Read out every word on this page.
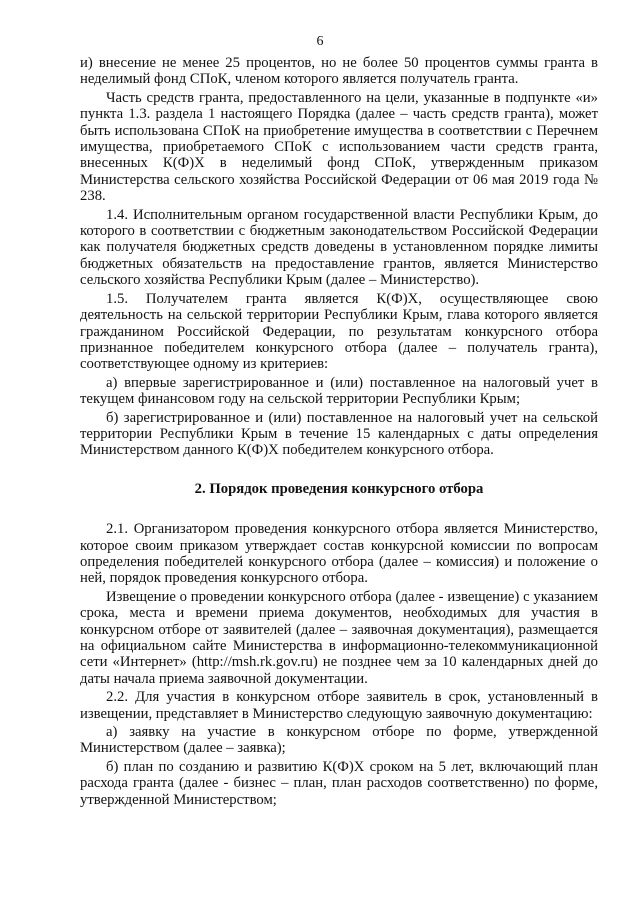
6

и) внесение не менее 25 процентов, но не более 50 процентов суммы гранта в неделимый фонд СПоК, членом которого является получатель гранта.

Часть средств гранта, предоставленного на цели, указанные в подпункте «и» пункта 1.3. раздела 1 настоящего Порядка (далее – часть средств гранта), может быть использована СПоК на приобретение имущества в соответствии с Перечнем имущества, приобретаемого СПоК с использованием части средств гранта, внесенных К(Ф)Х в неделимый фонд СПоК, утвержденным приказом Министерства сельского хозяйства Российской Федерации от 06 мая 2019 года № 238.

1.4. Исполнительным органом государственной власти Республики Крым, до которого в соответствии с бюджетным законодательством Российской Федерации как получателя бюджетных средств доведены в установленном порядке лимиты бюджетных обязательств на предоставление грантов, является Министерство сельского хозяйства Республики Крым (далее – Министерство).

1.5. Получателем гранта является К(Ф)Х, осуществляющее свою деятельность на сельской территории Республики Крым, глава которого является гражданином Российской Федерации, по результатам конкурсного отбора признанное победителем конкурсного отбора (далее – получатель гранта), соответствующее одному из критериев:

а) впервые зарегистрированное и (или) поставленное на налоговый учет в текущем финансовом году на сельской территории Республики Крым;

б) зарегистрированное и (или) поставленное на налоговый учет на сельской территории Республики Крым в течение 15 календарных с даты определения Министерством данного К(Ф)Х победителем конкурсного отбора.

2. Порядок проведения конкурсного отбора

2.1. Организатором проведения конкурсного отбора является Министерство, которое своим приказом утверждает состав конкурсной комиссии по вопросам определения победителей конкурсного отбора (далее – комиссия) и положение о ней, порядок проведения конкурсного отбора.

Извещение о проведении конкурсного отбора (далее - извещение) с указанием срока, места и времени приема документов, необходимых для участия в конкурсном отборе от заявителей (далее – заявочная документация), размещается на официальном сайте Министерства в информационно-телекоммуникационной сети «Интернет» (http://msh.rk.gov.ru) не позднее чем за 10 календарных дней до даты начала приема заявочной документации.

2.2. Для участия в конкурсном отборе заявитель в срок, установленный в извещении, представляет в Министерство следующую заявочную документацию:

а) заявку на участие в конкурсном отборе по форме, утвержденной Министерством (далее – заявка);

б) план по созданию и развитию К(Ф)Х сроком на 5 лет, включающий план расхода гранта (далее - бизнес – план, план расходов соответственно) по форме, утвержденной Министерством;
